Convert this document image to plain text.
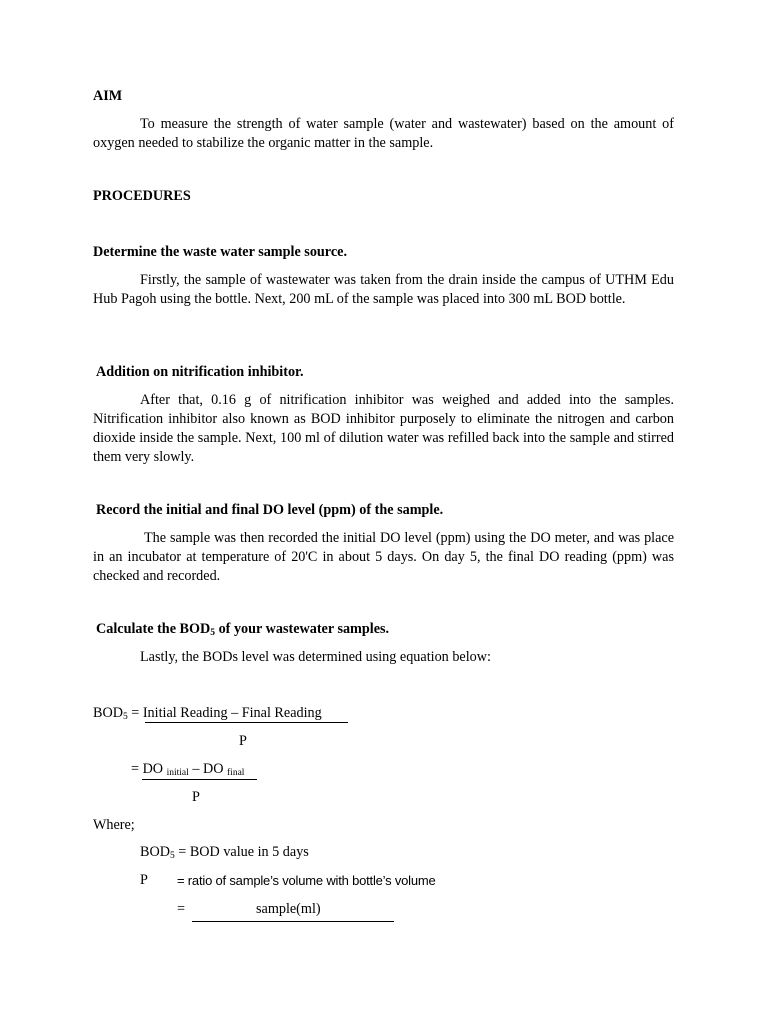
AIM

To measure the strength of water sample (water and wastewater) based on the amount of oxygen needed to stabilize the organic matter in the sample.

PROCEDURES
Determine the waste water sample source.

Firstly, the sample of wastewater was taken from the drain inside the campus of UTHM Edu Hub Pagoh using the bottle. Next, 200 mL of the sample was placed into 300 mL BOD bottle.

Addition on nitrification inhibitor.

After that, 0.16 g of nitrification inhibitor was weighed and added into the samples. Nitrification inhibitor also known as BOD inhibitor purposely to eliminate the nitrogen and carbon dioxide inside the sample. Next, 100 ml of dilution water was refilled back into the sample and stirred them very slowly.

Record the initial and final DO level (ppm) of the sample.

The sample was then recorded the initial DO level (ppm) using the DO meter, and was place in an incubator at temperature of 20'C in about 5 days. On day 5, the final DO reading (ppm) was checked and recorded.

Calculate the $BOD_5$ of your wastewater samples.
Lastly, the BODs level was determined using equation below:
$BOD_5$ = Initial Reading – Final Reading
P
= DO $_{initial}$ – DO $_{final}$
P
Where;
$BOD_5$ = BOD value in 5 days
P = ratio of sample’s volume with bottle’s volume
=	sample(ml)
